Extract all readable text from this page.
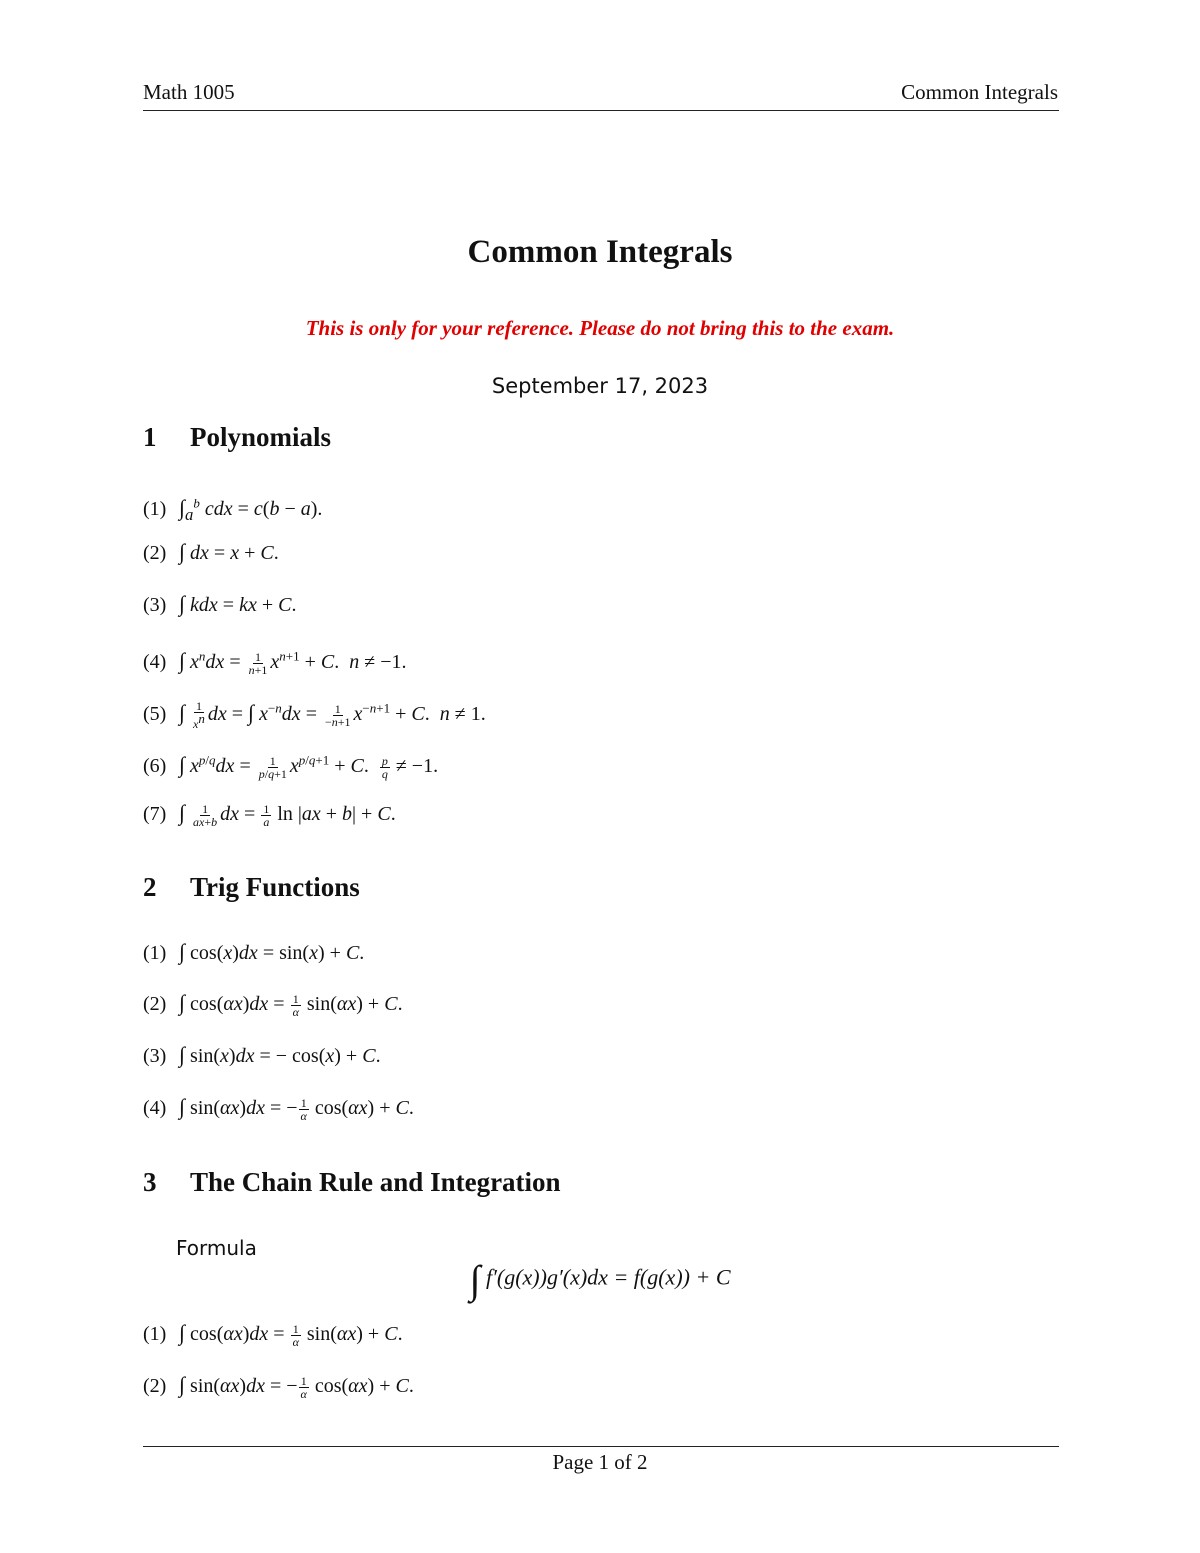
Math 1005	Common Integrals
Common Integrals
This is only for your reference. Please do not bring this to the exam.
September 17, 2023
1 Polynomials
(1) $\int_a^b$ cdx = c(b − a).
(2) ∫ dx = x + C.
(3) ∫ kdx = kx + C.
(4) ∫ $x^ndx = \frac{1}{n+1} x^{n+1} + C$.  n ≠ −1.
(5) ∫ $\frac{1}{x^n}$ dx = ∫ $x^{-n}dx = \frac{1}{-n+1} x^{-n+1} + C$.  n ≠ 1.
(6) ∫ $x^{p/q}dx = \frac{1}{p/q+1} x^{p/q+1} + C$. $\frac{p}{q} \ne -1$.
(7) ∫ $\frac{1}{ax+b}$ dx = $\frac{1}{a}$ ln |ax + b| + C.
2 Trig Functions
(1) ∫ cos(x)dx = sin(x) + C.
(2) ∫ $\cos(\alpha x)dx = \frac{1}{\alpha} \sin(\alpha x) + C$.
(3) ∫ sin(x)dx = − cos(x) + C.
(4) ∫ sin(αx)dx = − $\frac{1}{\alpha} \cos(\alpha x) + C$.
3 The Chain Rule and Integration
Formula
∫ f′(g(x))g′(x)dx = f(g(x)) + C
(1) ∫ $\cos(\alpha x)dx = \frac{1}{\alpha} \sin(\alpha x) + C$.
(2) ∫ sin(αx)dx = − $\frac{1}{\alpha} \cos(\alpha x) + C$.
Page 1 of 2
